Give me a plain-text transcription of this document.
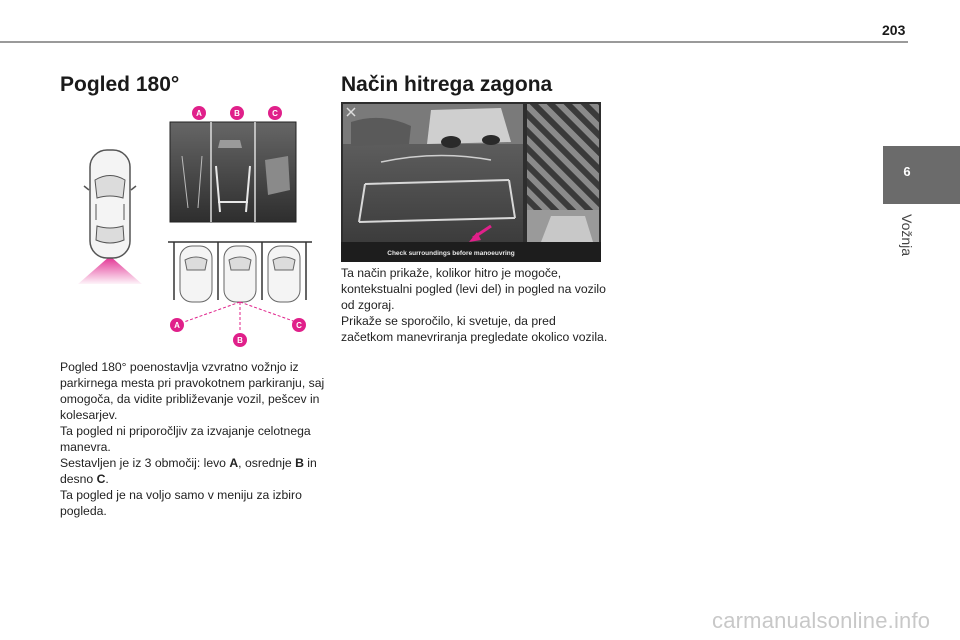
203
6
Vožnja
Pogled 180°
A	B	C
A
B
C
Pogled 180° poenostavlja vzvratno vožnjo iz parkirnega mesta pri pravokotnem parkiranju, saj omogoča, da vidite približevanje vozil, pešcev in kolesarjev.
Ta pogled ni priporočljiv za izvajanje celotnega manevra.
Sestavljen je iz 3 območij: levo A, osrednje B in desno C.
Ta pogled je na voljo samo v meniju za izbiro pogleda.
Način hitrega zagona
Check surroundings before manoeuvring
Ta način prikaže, kolikor hitro je mogoče, kontekstualni pogled (levi del) in pogled na vozilo od zgoraj.
Prikaže se sporočilo, ki svetuje, da pred začetkom manevriranja pregledate okolico vozila.
carmanualsonline.info
